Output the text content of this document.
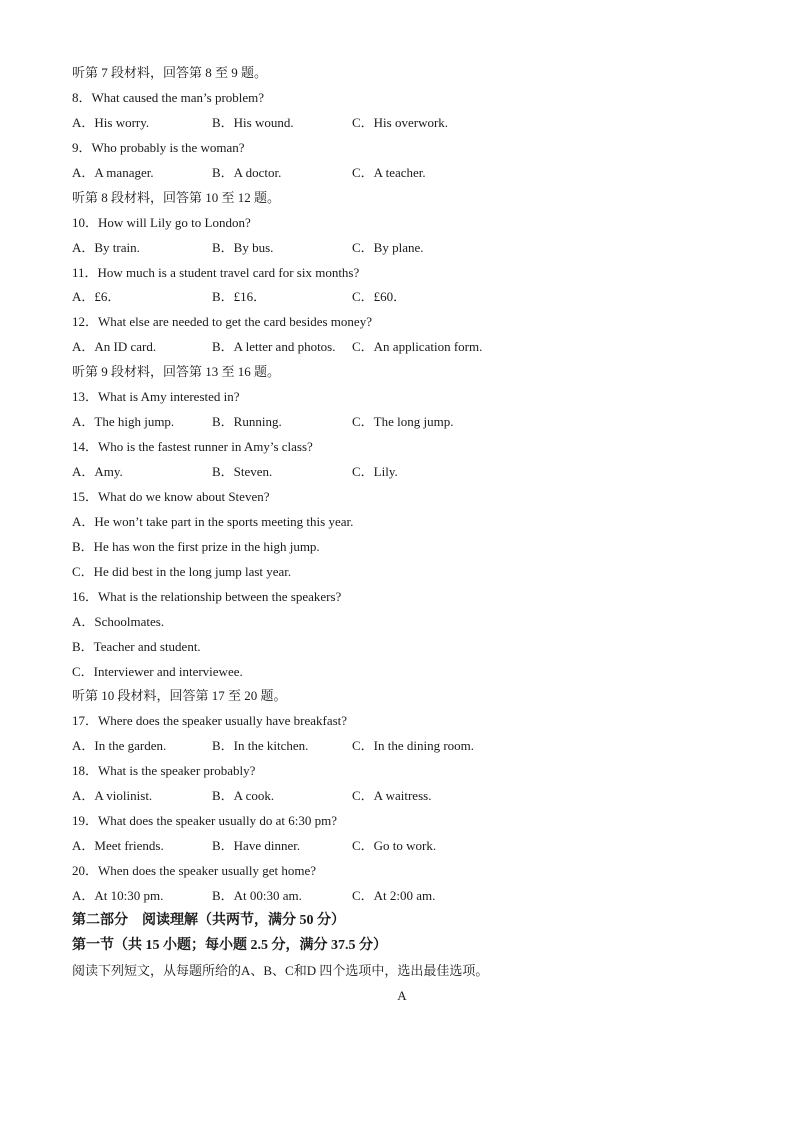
听第 7 段材料，回答第 8 至 9 题。
8．What caused the man’s problem?
A．His worry.	B．His wound.	C．His overwork.
9．Who probably is the woman?
A．A manager.	B．A doctor.	C．A teacher.
听第 8 段材料，回答第 10 至 12 题。
10．How will Lily go to London?
A．By train.	B．By bus.	C．By plane.
11．How much is a student travel card for six months?
A．£6．	B．£16．	C．£60．
12．What else are needed to get the card besides money?
A．An ID card.	B．A letter and photos. C．An application form.
听第 9 段材料，回答第 13 至 16 题。
13．What is Amy interested in?
A．The high jump.	B．Running.	C．The long jump.
14．Who is the fastest runner in Amy’s class?
A．Amy.	B．Steven.	C．Lily.
15．What do we know about Steven?
A．He won’t take part in the sports meeting this year.
B．He has won the first prize in the high jump.
C．He did best in the long jump last year.
16．What is the relationship between the speakers?
A．Schoolmates.
B．Teacher and student.
C．Interviewer and interviewee.
听第 10 段材料，回答第 17 至 20 题。
17．Where does the speaker usually have breakfast?
A．In the garden.	B．In the kitchen.	C．In the dining room.
18．What is the speaker probably?
A．A violinist.	B．A cook.	C．A waitress.
19．What does the speaker usually do at 6:30 pm?
A．Meet friends.	B．Have dinner.	C．Go to work.
20．When does the speaker usually get home?
A．At 10:30 pm.	B．At 00:30 am.	C．At 2:00 am.
第二部分　阅读理解（共两节，满分 50 分）
第一节（共 15 小题；每小题 2.5 分，满分 37.5 分）
阅读下列短文，从每题所给的A、B、C和D 四个选项中，选出最佳选项。
A
